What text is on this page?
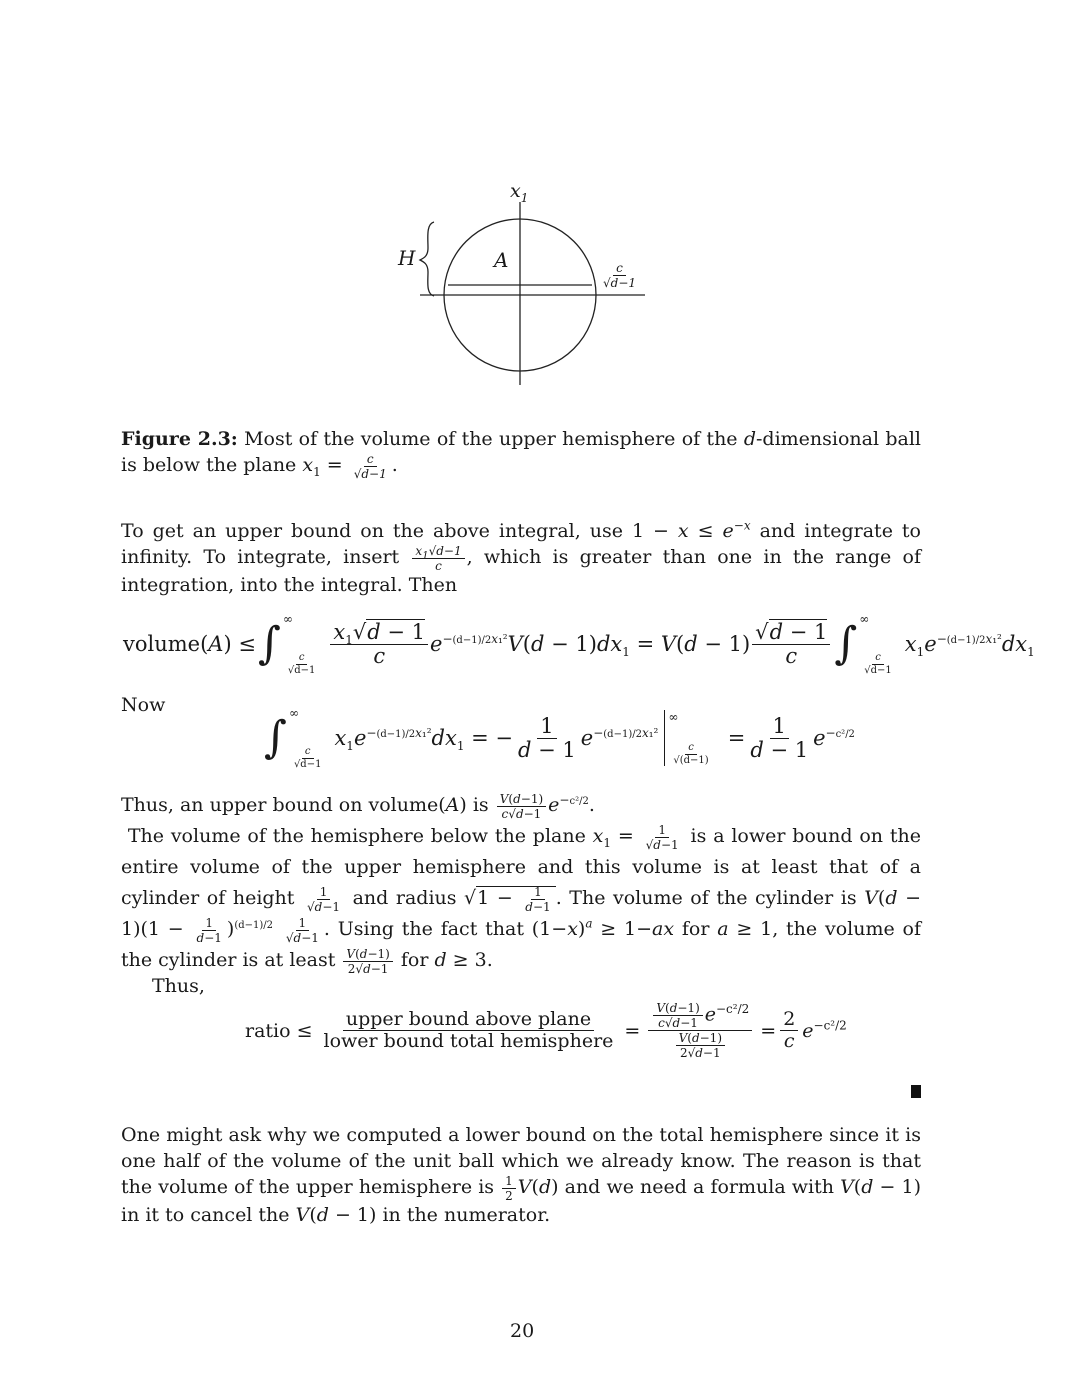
$x_1$
H	A
$\frac{c}{√d-1}$
Figure 2.3: Most of the volume of the upper hemisphere of the d-dimensional ball is below the plane $x_1 = \frac{c}{√d-1}$ .
To get an upper bound on the above integral, use $1 - x \le e^{-x}$ and integrate to infinity. To integrate, insert $\frac{x_1√d-1}{c}$ , which is greater than one in the range of integration, into the integral. Then
volume(A) ≤ ∫ ∞
$\frac{c}{√d-1} \frac{x_1√d - 1}{c} e^{-(d-1)/2x_1^2}V(d - 1)dx_1 = V(d - 1) \frac{√d - 1}{c}$ ∫ ∞
$\frac{c}{√d-1}$
$x_1e^{-(d-1)/2x_1^2}dx_1$
Now
∫ ∞
$\frac{c}{√d-1}$
$x_1e^{-(d-1)/2x_1^2}dx_1$ = − $\frac{1}{d - 1} e^{-(d-1)/2x_1^2}$
∞
$\frac{c}{√(d-1)}$
= $\frac{1}{d - 1} e^{-c^2/2}$
Thus, an upper bound on volume(A) is $\frac{V(d-1)}{c√d-1} e^{-c^2/2}$.
The volume of the hemisphere below the plane $x_1 = \frac{1}{√d-1}$ is a lower bound on the entire volume of the upper hemisphere and this volume is at least that of a cylinder of height $\frac{1}{√d-1}$ and radius $√1 - \frac{1}{d-1}$ . The volume of the cylinder is $V(d - 1)(1 - \frac{1}{d-1} )^{(d-1)/2} \frac{1}{√d-1}$ . Using the fact that $(1-x)^a \ge 1-ax$ for a ≥ 1, the volume of the cylinder is at least $\frac{V(d-1)}{2√d-1}$ for d ≥ 3.
Thus,
ratio ≤ $\frac{\text{upper bound above plane}}{\text{lower bound total hemisphere}} = \frac{\frac{V(d-1)}{c√d-1} e^{-c^2/2}}{\frac{V(d-1)}{2√d-1}} = \frac{2}{c} e^{-c^2/2}$
One might ask why we computed a lower bound on the total hemisphere since it is one half of the volume of the unit ball which we already know. The reason is that the volume of the upper hemisphere is $\frac{1}{2} V(d)$ and we need a formula with V(d − 1) in it to cancel the V(d − 1) in the numerator.
20
